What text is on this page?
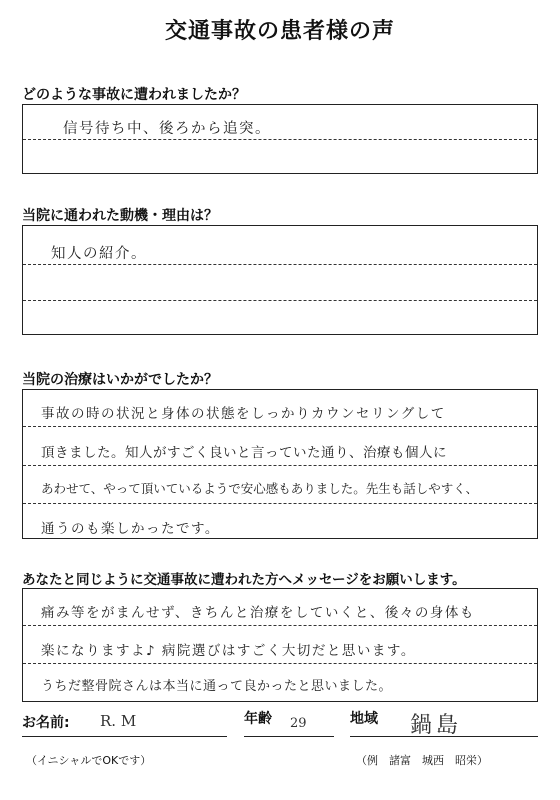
交通事故の患者様の声
どのような事故に遭われましたか？
信号待ち中、後ろから追突。
当院に通われた動機・理由は？
知人の紹介。
当院の治療はいかがでしたか？
事故の時の状況と身体の状態をしっかりカウンセリングして
頂きました。知人がすごく良いと言っていた通り、治療も個人に
あわせて、やって頂いているようで安心感もありました。先生も話しやすく、
通うのも楽しかったです。
あなたと同じように交通事故に遭われた方へメッセージをお願いします。
痛み等をがまんせず、きちんと治療をしていくと、後々の身体も
楽になりますよ♪ 病院選びはすごく大切だと思います。
うちだ整骨院さんは本当に通って良かったと思いました。
お名前: R. M	年齢 29	地域 鍋島
（イニシャルでOKです）	（例　諸富　城西　昭栄）
